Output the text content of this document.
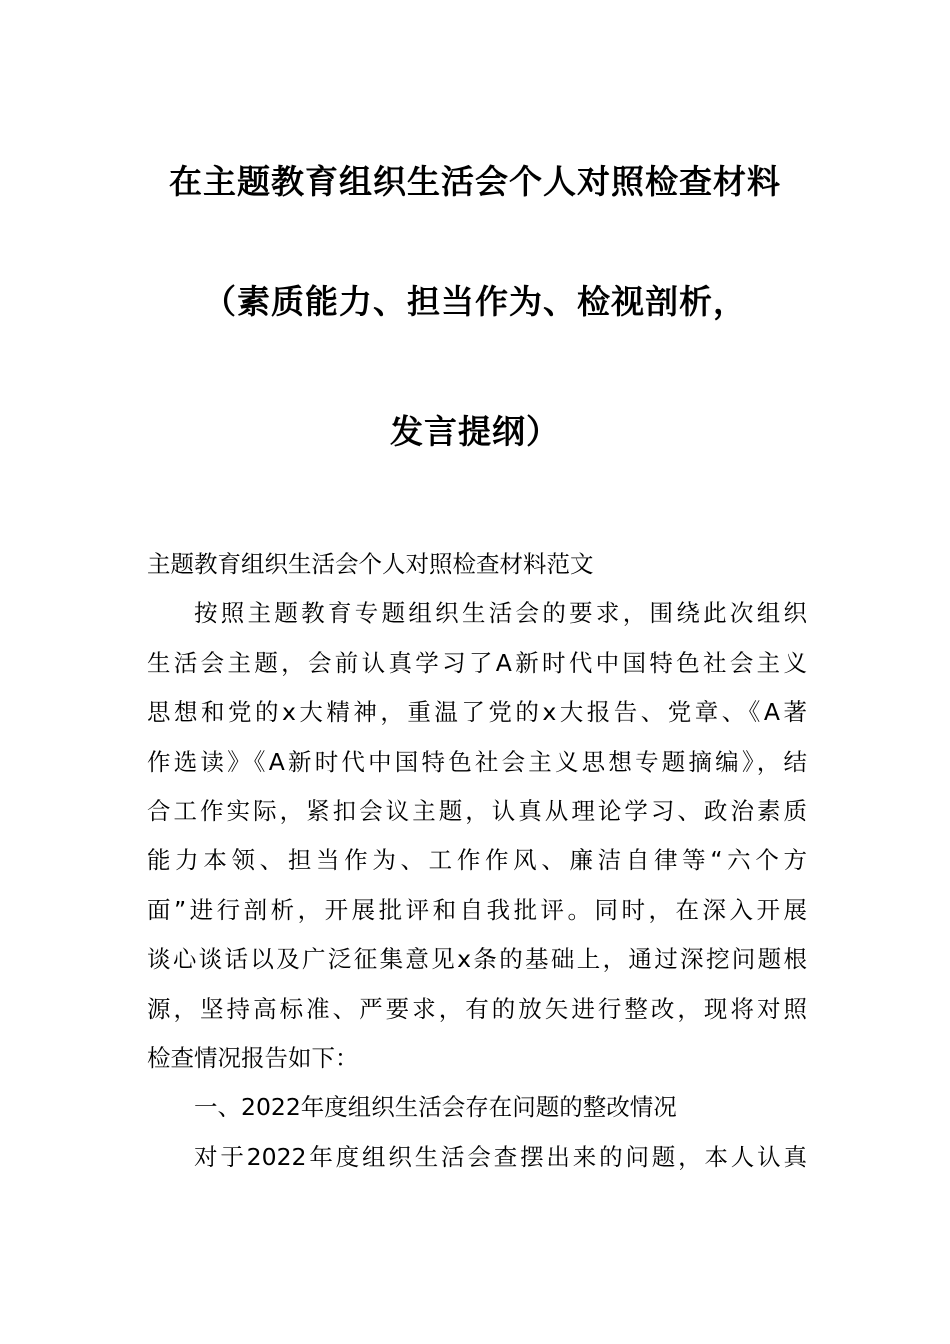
在主题教育组织生活会个人对照检查材料
（素质能力、担当作为、检视剖析，
发言提纲）
主题教育组织生活会个人对照检查材料范文
按照主题教育专题组织生活会的要求，围绕此次组织
生活会主题，会前认真学习了A新时代中国特色社会主义
思想和党的x大精神，重温了党的x大报告、党章、《A著
作选读》《A新时代中国特色社会主义思想专题摘编》，结
合工作实际，紧扣会议主题，认真从理论学习、政治素质
能力本领、担当作为、工作作风、廉洁自律等“六个方
面”进行剖析，开展批评和自我批评。同时，在深入开展
谈心谈话以及广泛征集意见x条的基础上，通过深挖问题根
源，坚持高标准、严要求，有的放矢进行整改，现将对照
检查情况报告如下：
一、2022年度组织生活会存在问题的整改情况
对于2022年度组织生活会查摆出来的问题，本人认真
